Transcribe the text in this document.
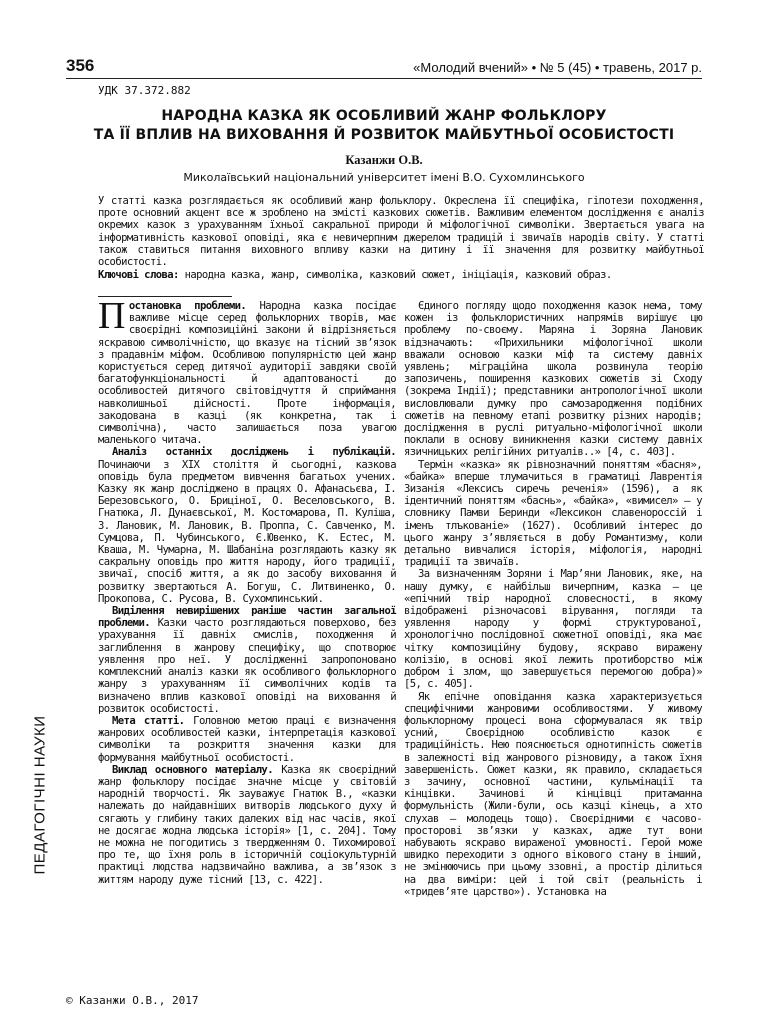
356	«Молодий вчений» • № 5 (45) • травень, 2017 р.
УДК 37.372.882
НАРОДНА КАЗКА ЯК ОСОБЛИВИЙ ЖАНР ФОЛЬКЛОРУ
ТА ЇЇ ВПЛИВ НА ВИХОВАННЯ Й РОЗВИТОК МАЙБУТНЬОЇ ОСОБИСТОСТІ
Казанжи О.В.
Миколаївський національний університет імені В.О. Сухомлинського
У статті казка розглядається як особливий жанр фольклору. Окреслена її специфіка, гіпотези походження, проте основний акцент все ж зроблено на змісті казкових сюжетів. Важливим елементом дослідження є аналіз окремих казок з урахуванням їхньої сакральної природи й міфологічної символіки. Звертається увага на інформативність казкової оповіді, яка є невичерпним джерелом традицій і звичаїв народів світу. У статті також ставиться питання виховного впливу казки на дитину і її значення для розвитку майбутньої особистості.
Ключові слова: народна казка, жанр, символіка, казковий сюжет, ініціація, казковий образ.

Постановка проблеми. Народна казка посідає важливе місце серед фольклорних творів, має своєрідні композиційні закони й відрізняється яскравою символічністю, що вказує на тісний зв’язок з прадавнім міфом. Особливою популярністю цей жанр користується серед дитячої аудиторії завдяки своїй багатофункціональності й адаптованості до особливостей дитячого світовідчуття й сприймання навколишньої дійсності. Проте інформація, закодована в казці (як конкретна, так і символічна), часто залишається поза увагою маленького читача.

Аналіз останніх досліджень і публікацій. Починаючи з XIX століття й сьогодні, казкова оповідь була предметом вивчення багатьох учених. Казку як жанр досліджено в працях О. Афанасьєва, І. Березовського, О. Бриціної, О. Веселовського, В. Гнатюка, Л. Дунаєвської, М. Костомарова, П. Куліша, З. Лановик, М. Лановик, В. Проппа, С. Савченко, М. Сумцова, П. Чубинського, Є.Ювенко, К. Естес, М. Кваша, М. Чумарна, М. Шабаніна розглядають казку як сакральну оповідь про життя народу, його традиції, звичаї, спосіб життя, а як до засобу виховання й розвитку звертаються А. Богуш, С. Литвиненко, О. Прокопова, С. Русова, В. Сухомлинський.

Виділення невирішених раніше частин загальної проблеми. Казки часто розглядаються поверхово, без урахування її давніх смислів, походження й заглиблення в жанрову специфіку, що спотворює уявлення про неї. У дослідженні запропоновано комплексний аналіз казки як особливого фольклорного жанру з урахуванням її символічних кодів та визначено вплив казкової оповіді на виховання й розвиток особистості.

Мета статті. Головною метою праці є визначення жанрових особливостей казки, інтерпретація казкової символіки та розкриття значення казки для формування майбутньої особистості.

Виклад основного матеріалу. Казка як своєрідний жанр фольклору посідає значне місце у світовій народній творчості. Як зауважує Гнатюк В., «казки належать до найдавніших витворів людського духу й сягають у глибину таких далеких від нас часів, якої не досягає жодна людська історія» [1, с. 204]. Тому не можна не погодитись з твердженням О. Тихомирової про те, що їхня роль в історичній соціокультурній практиці людства надзвичайно важлива, а зв’язок з життям народу дуже тісний [13, с. 422].

Єдиного погляду щодо походження казок нема, тому кожен із фольклористичних напрямів вирішує цю проблему по-своєму. Маряна і Зоряна Лановик відзначають: «Прихильники міфологічної школи вважали основою казки міф та систему давніх уявлень; міграційна школа розвинула теорію запозичень, поширення казкових сюжетів зі Сходу (зокрема Індії); представники антропологічної школи висловлювали думку про самозародження подібних сюжетів на певному етапі розвитку різних народів; дослідження в руслі ритуально-міфологічної школи поклали в основу виникнення казки систему давніх язичницьких релігійних ритуалів..» [4, с. 403].

Термін «казка» як рівнозначний поняттям «басня», «байка» вперше тлумачиться в граматиці Лаврентія Зизанія «Лексисъ сиречь реченія» (1596), а як ідентичний поняттям «баснь», «байка», «вимисел» — у словнику Памви Беринди «Лексикон славенороссiй і iменъ тлъкованіе» (1627). Особливий інтерес до цього жанру з’являється в добу Романтизму, коли детально вивчалися історія, міфологія, народні традиції та звичаїв.

За визначенням Зоряни і Мар’яни Лановик, яке, на нашу думку, є найбільш вичерпним, казка – це «епічний твір народної словесності, в якому відображені різночасові вірування, погляди та уявлення народу у формі структурованої, хронологічно послідовної сюжетної оповіді, яка має чітку композиційну будову, яскраво виражену колізію, в основі якої лежить протиборство між добром і злом, що завершується перемогою добра)» [5, с. 405].

Як епічне оповідання казка характеризується специфічними жанровими особливостями. У живому фольклорному процесі вона сформувалася як твір усний, Своєрідною особливістю казок є традиційність. Нею пояснюється однотипність сюжетів в залежності від жанрового різновиду, а також їхня завершеність. Сюжет казки, як правило, складається з зачину, основної частини, кульмінації та кінцівки. Зачинові й кінцівці притаманна формульність (Жили-були, ось казці кінець, а хто слухав – молодець тощо). Своєрідними є часово-просторові зв’язки у казках, адже тут вони набувають яскраво вираженої умовності. Герой може швидко переходити з одного вікового стану в інший, не змінюючись при цьому ззовні, а простір ділиться на два виміри: цей і той світ (реальність і «тридев’яте царство»). Установка на

ПЕДАГОГІЧНІ НАУКИ
© Казанжи О.В., 2017
